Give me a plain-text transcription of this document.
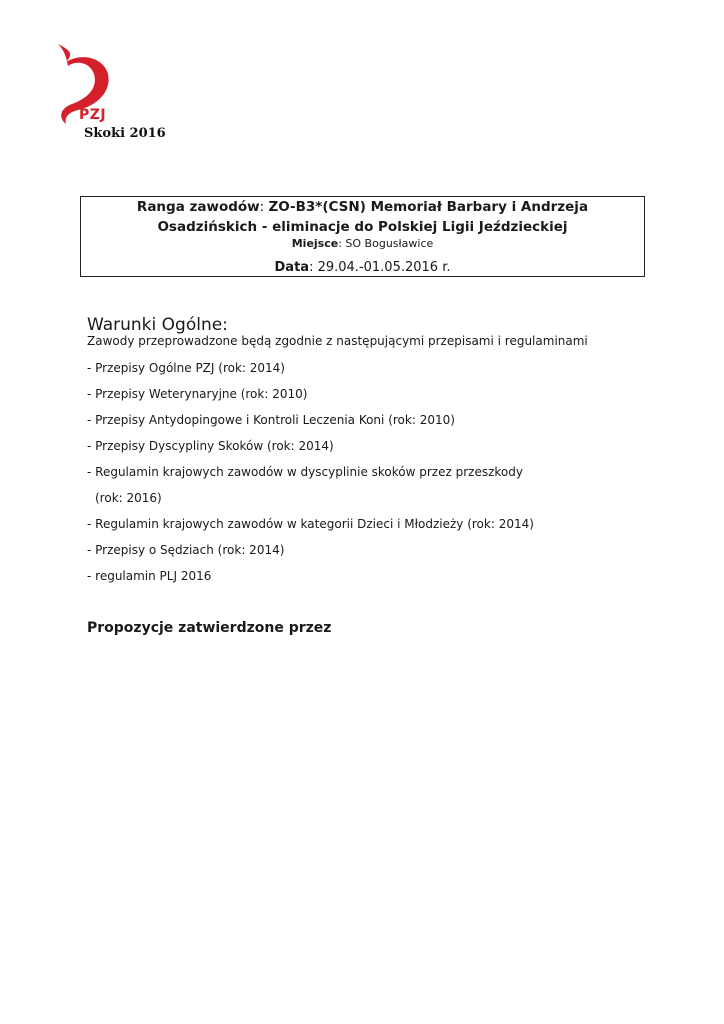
PZJ
Skoki 2016
Ranga zawodów: ZO-B3*(CSN) Memoriał Barbary i Andrzeja
Osadzińskich - eliminacje do Polskiej Ligii Jeździeckiej
Miejsce: SO Bogusławice
Data: 29.04.-01.05.2016 r.
Warunki Ogólne:
Zawody przeprowadzone będą zgodnie z następującymi przepisami i regulaminami
- Przepisy Ogólne PZJ (rok: 2014)
- Przepisy Weterynaryjne (rok: 2010)
- Przepisy Antydopingowe i Kontroli Leczenia Koni (rok: 2010)
- Przepisy Dyscypliny Skoków (rok: 2014)
- Regulamin krajowych zawodów w dyscyplinie skoków przez przeszkody
(rok: 2016)
- Regulamin krajowych zawodów w kategorii Dzieci i Młodzieży (rok: 2014)
- Przepisy o Sędziach (rok: 2014)
- regulamin PLJ 2016
Propozycje zatwierdzone przez
